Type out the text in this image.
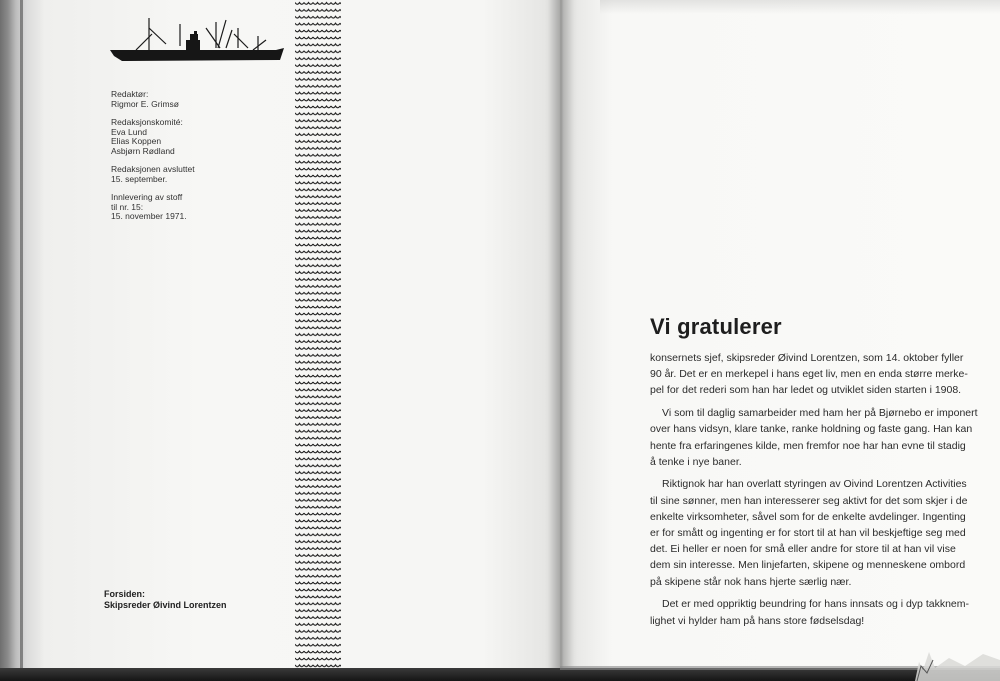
Redaktør:
Rigmor E. Grimsø
Redaksjonskomité:
Eva Lund
Elias Koppen
Asbjørn Rødland
Redaksjonen avsluttet
15. september.
Innlevering av stoff
til nr. 15:
15. november 1971.
Forsiden:
Skipsreder Øivind Lorentzen
Vi gratulerer
konsernets sjef, skipsreder Øivind Lorentzen, som 14. oktober fyller
90 år. Det er en merkepel i hans eget liv, men en enda større merke-
pel for det rederi som han har ledet og utviklet siden starten i 1908.
Vi som til daglig samarbeider med ham her på Bjørnebo er imponert
over hans vidsyn, klare tanke, ranke holdning og faste gang. Han kan
hente fra erfaringenes kilde, men fremfor noe har han evne til stadig
å tenke i nye baner.
Riktignok har han overlatt styringen av Oivind Lorentzen Activities
til sine sønner, men han interesserer seg aktivt for det som skjer i de
enkelte virksomheter, såvel som for de enkelte avdelinger. Ingenting
er for smått og ingenting er for stort til at han vil beskjeftige seg med
det. Ei heller er noen for små eller andre for store til at han vil vise
dem sin interesse. Men linjefarten, skipene og menneskene ombord
på skipene står nok hans hjerte særlig nær.
Det er med oppriktig beundring for hans innsats og i dyp takknem-
lighet vi hylder ham på hans store fødselsdag!
